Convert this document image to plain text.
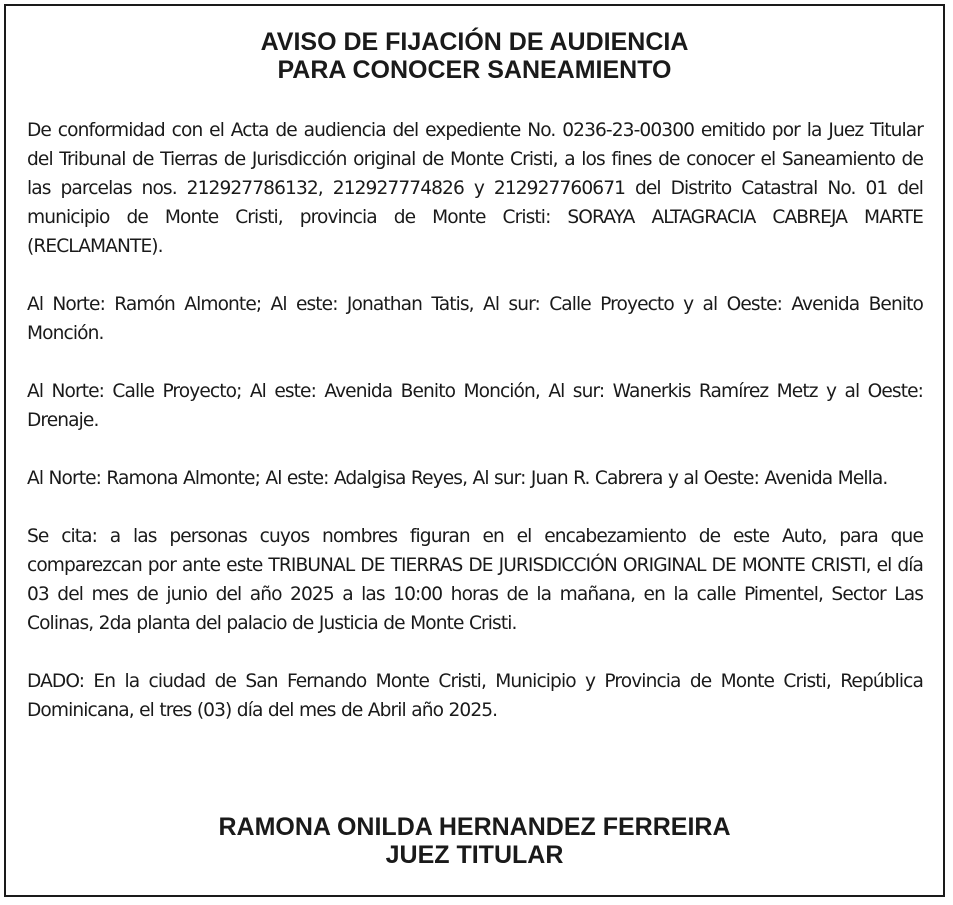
AVISO DE FIJACIÓN DE AUDIENCIA
PARA CONOCER SANEAMIENTO

De conformidad con el Acta de audiencia del expediente No. 0236-23-00300 emitido por la Juez Titular del Tribunal de Tierras de Jurisdicción original de Monte Cristi, a los fines de conocer el Saneamiento de las parcelas nos. 212927786132, 212927774826 y 212927760671 del Distrito Catastral No. 01 del municipio de Monte Cristi, provincia de Monte Cristi: SORAYA ALTAGRACIA CABREJA MARTE (RECLAMANTE).

Al Norte: Ramón Almonte; Al este: Jonathan Tatis, Al sur: Calle Proyecto y al Oeste: Avenida Benito Monción.

Al Norte: Calle Proyecto; Al este: Avenida Benito Monción, Al sur: Wanerkis Ramírez Metz y al Oeste: Drenaje.

Al Norte: Ramona Almonte; Al este: Adalgisa Reyes, Al sur: Juan R. Cabrera y al Oeste: Avenida Mella.

Se cita: a las personas cuyos nombres figuran en el encabezamiento de este Auto, para que comparezcan por ante este TRIBUNAL DE TIERRAS DE JURISDICCIÓN ORIGINAL DE MONTE CRISTI, el día 03 del mes de junio del año 2025 a las 10:00 horas de la mañana, en la calle Pimentel, Sector Las Colinas, 2da planta del palacio de Justicia de Monte Cristi.

DADO: En la ciudad de San Fernando Monte Cristi, Municipio y Provincia de Monte Cristi, República Dominicana, el tres (03) día del mes de Abril año 2025.

RAMONA ONILDA HERNANDEZ FERREIRA
JUEZ TITULAR
